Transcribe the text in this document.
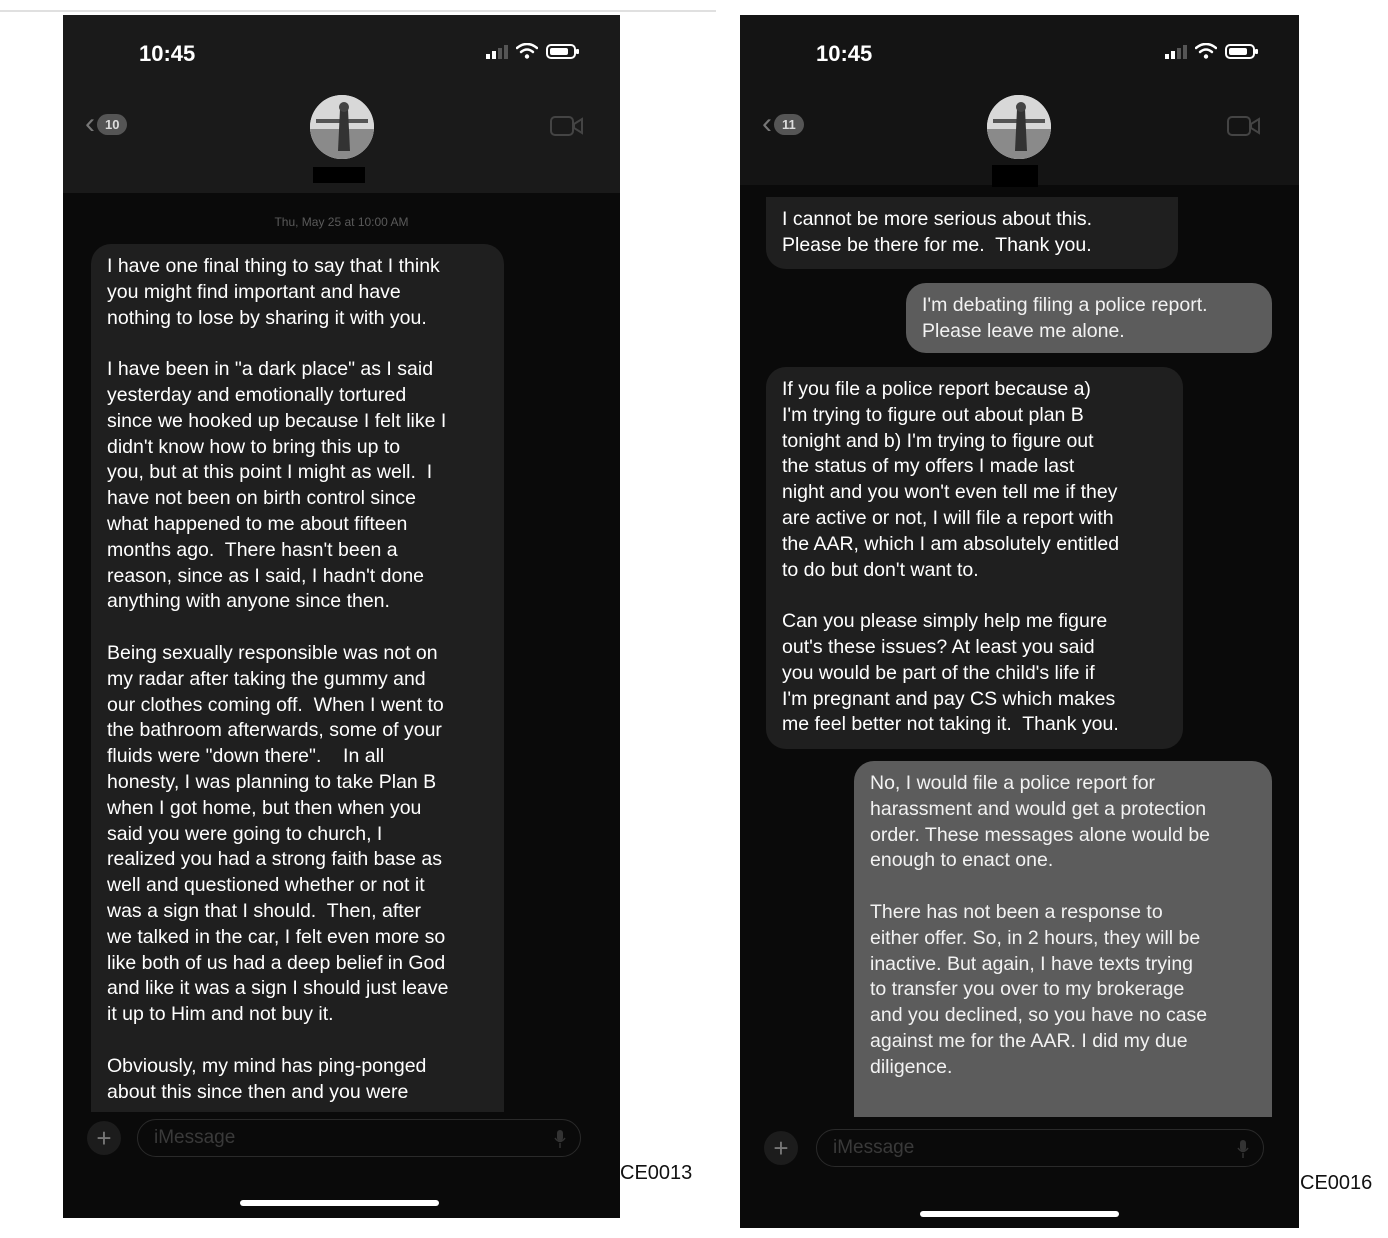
10:45
‹ 10
Thu, May 25 at 10:00 AM
I have one final thing to say that I think
you might find important and have
nothing to lose by sharing it with you.

I have been in "a dark place" as I said
yesterday and emotionally tortured
since we hooked up because I felt like I
didn't know how to bring this up to
you, but at this point I might as well.  I
have not been on birth control since
what happened to me about fifteen
months ago.  There hasn't been a
reason, since as I said, I hadn't done
anything with anyone since then.

Being sexually responsible was not on
my radar after taking the gummy and
our clothes coming off.  When I went to
the bathroom afterwards, some of your
fluids were "down there".    In all
honesty, I was planning to take Plan B
when I got home, but then when you
said you were going to church, I
realized you had a strong faith base as
well and questioned whether or not it
was a sign that I should.  Then, after
we talked in the car, I felt even more so
like both of us had a deep belief in God
and like it was a sign I should just leave
it up to Him and not buy it.

Obviously, my mind has ping-ponged
about this since then and you were
+	iMessage
CE0013
10:45
‹ 11
I cannot be more serious about this.
Please be there for me.  Thank you.
I'm debating filing a police report.
Please leave me alone.
If you file a police report because a)
I'm trying to figure out about plan B
tonight and b) I'm trying to figure out
the status of my offers I made last
night and you won't even tell me if they
are active or not, I will file a report with
the AAR, which I am absolutely entitled
to do but don't want to.

Can you please simply help me figure
out's these issues? At least you said
you would be part of the child's life if
I'm pregnant and pay CS which makes
me feel better not taking it.  Thank you.
No, I would file a police report for
harassment and would get a protection
order. These messages alone would be
enough to enact one.

There has not been a response to
either offer. So, in 2 hours, they will be
inactive. But again, I have texts trying
to transfer you over to my brokerage
and you declined, so you have no case
against me for the AAR. I did my due
diligence.
+	iMessage
CE0016
